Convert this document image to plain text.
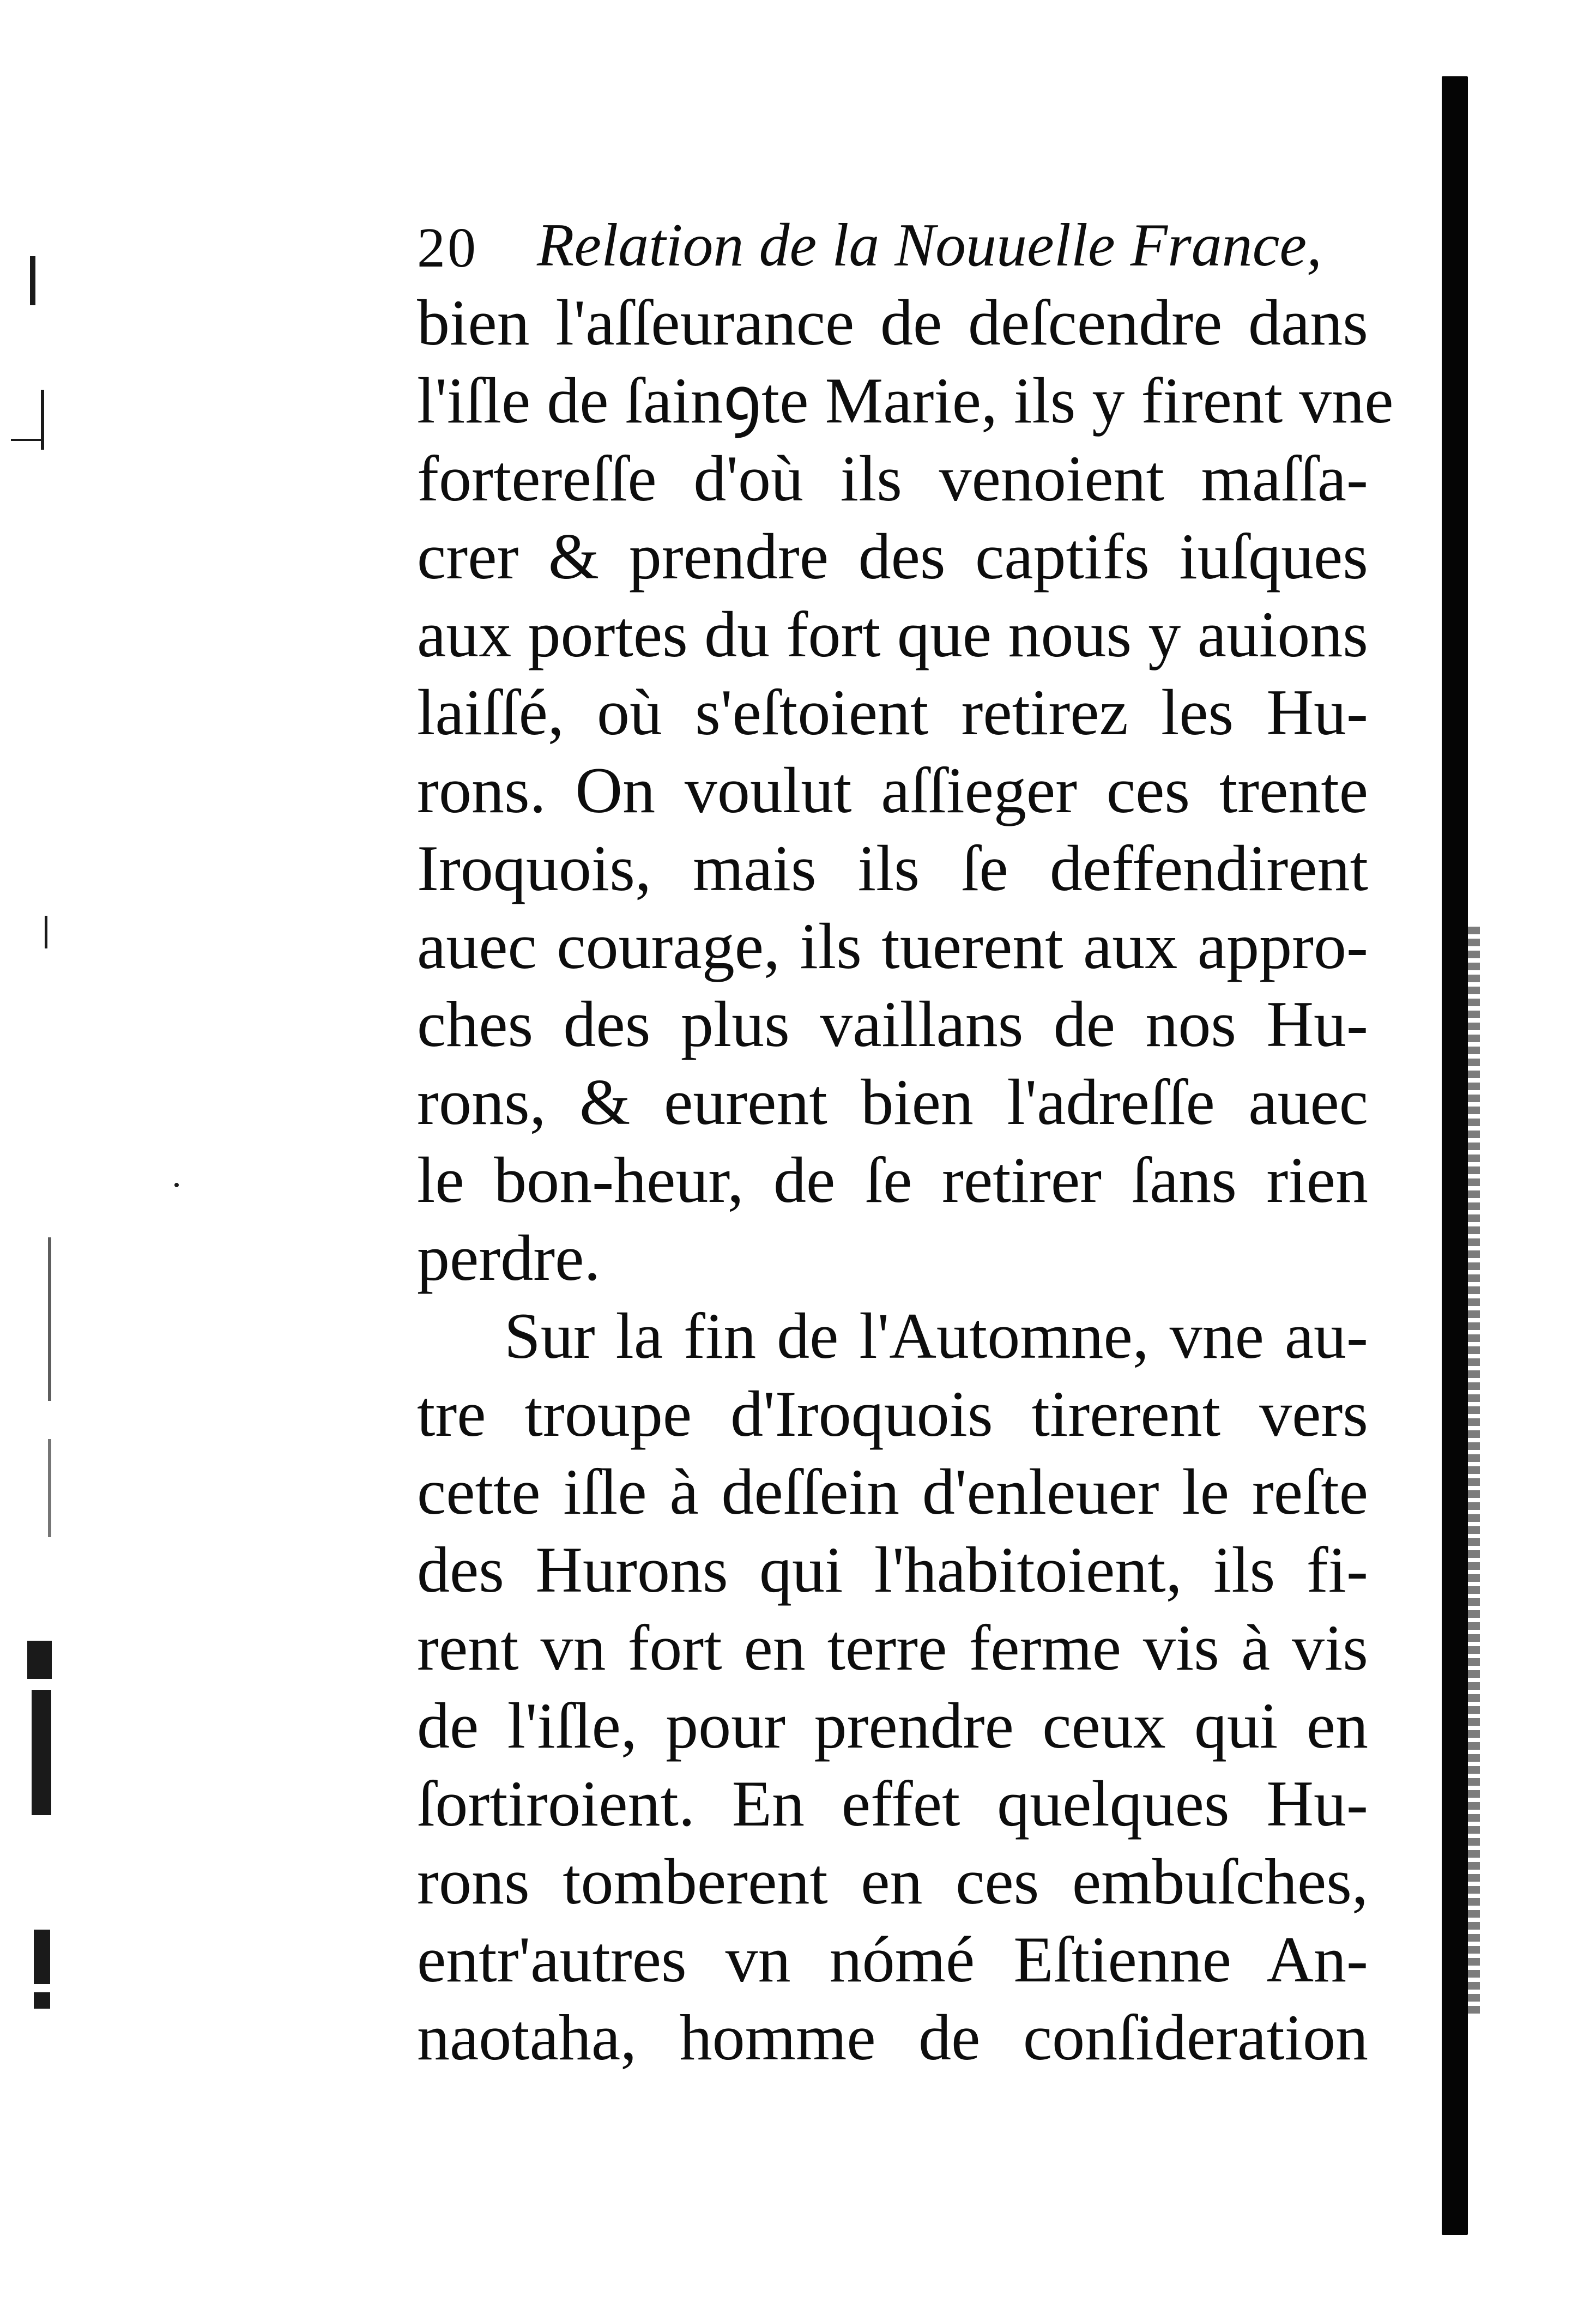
20 Relation de la Nouuelle France,
bien l'aſſeurance de deſcendre dans
l'iſle de ſainꝯte Marie, ils y firent vne
fortereſſe d'où ils venoient maſſa-
crer & prendre des captifs iuſques
aux portes du fort que nous y auions
laiſſé, où s'eſtoient retirez les Hu-
rons. On voulut aſſieger ces trente
Iroquois, mais ils ſe deffendirent
auec courage, ils tuerent aux appro-
ches des plus vaillans de nos Hu-
rons, & eurent bien l'adreſſe auec
le bon-heur, de ſe retirer ſans rien
perdre.
Sur la fin de l'Automne, vne au-
tre troupe d'Iroquois tirerent vers
cette iſle à deſſein d'enleuer le reſte
des Hurons qui l'habitoient, ils fi-
rent vn fort en terre ferme vis à vis
de l'iſle, pour prendre ceux qui en
ſortiroient. En effet quelques Hu-
rons tomberent en ces embuſches,
entr'autres vn nómé Eſtienne An-
naotaha, homme de conſideration
